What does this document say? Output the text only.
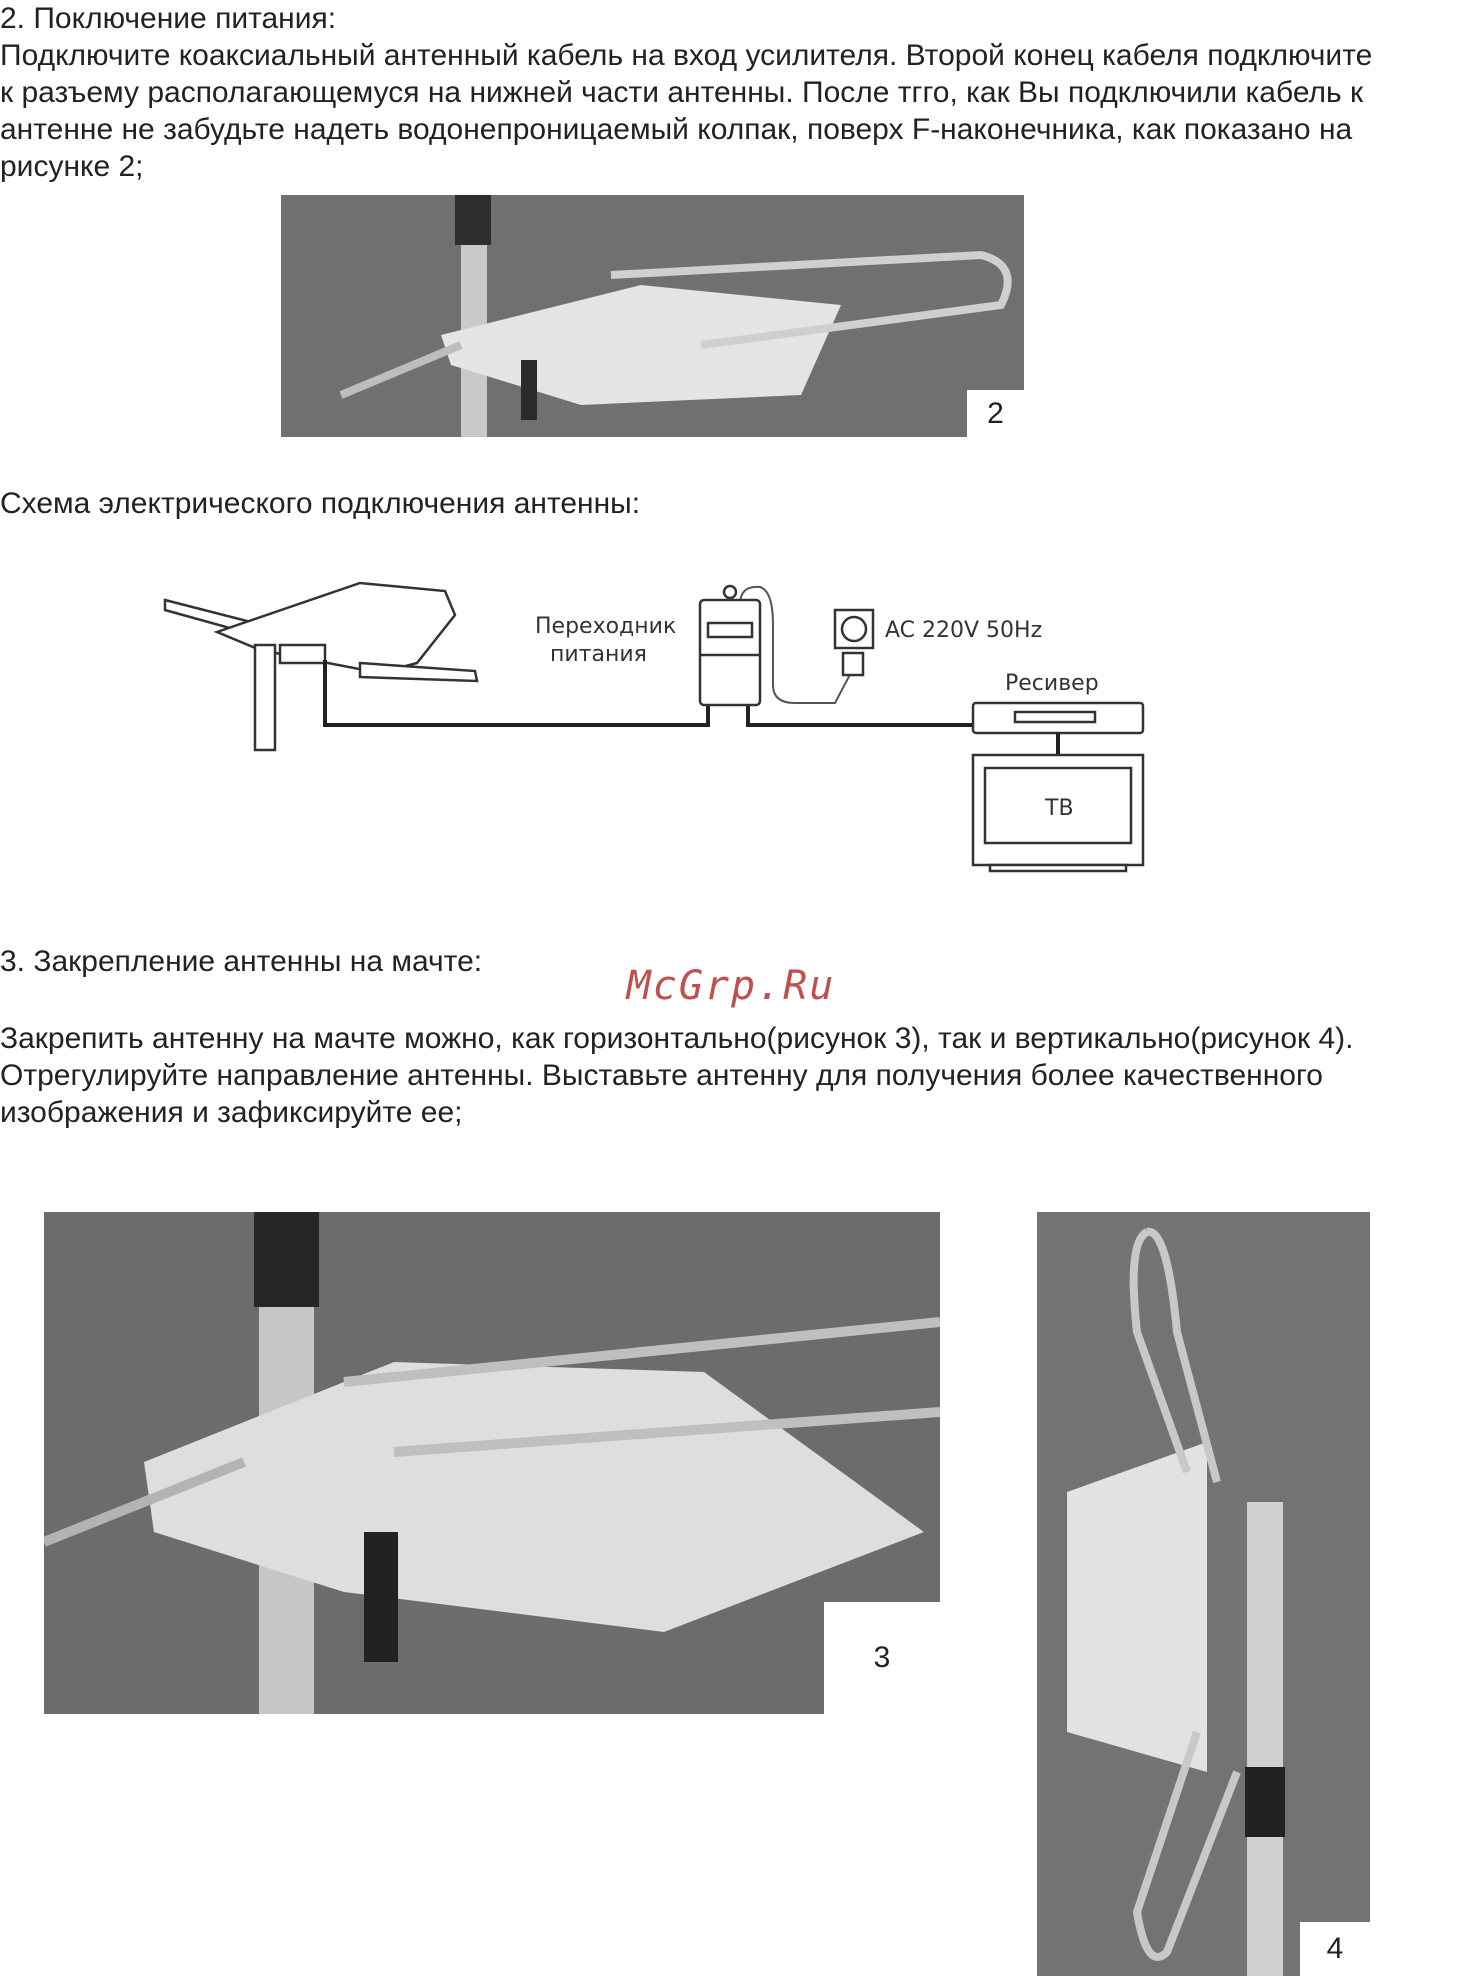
2. Поключение питания:
Подключите коаксиальный антенный кабель на вход усилителя. Второй конец кабеля подключите
к разъему располагающемуся на нижней части антенны. После тгго, как Вы подключили кабель к
антенне не забудьте надеть водонепроницаемый колпак, поверх F-наконечника, как показано на
рисунке 2;
2
Схема электрического подключения антенны:
Переходник
питания
AC 220V 50Hz
Ресивер
ТВ
3. Закрепление антенны на мачте:
McGrp.Ru
Закрепить антенну на мачте можно, как горизонтально(рисунок 3), так и вертикально(рисунок 4).
Отрегулируйте направление антенны. Выставьте антенну для получения более качественного
изображения и зафиксируйте ее;
3
4
